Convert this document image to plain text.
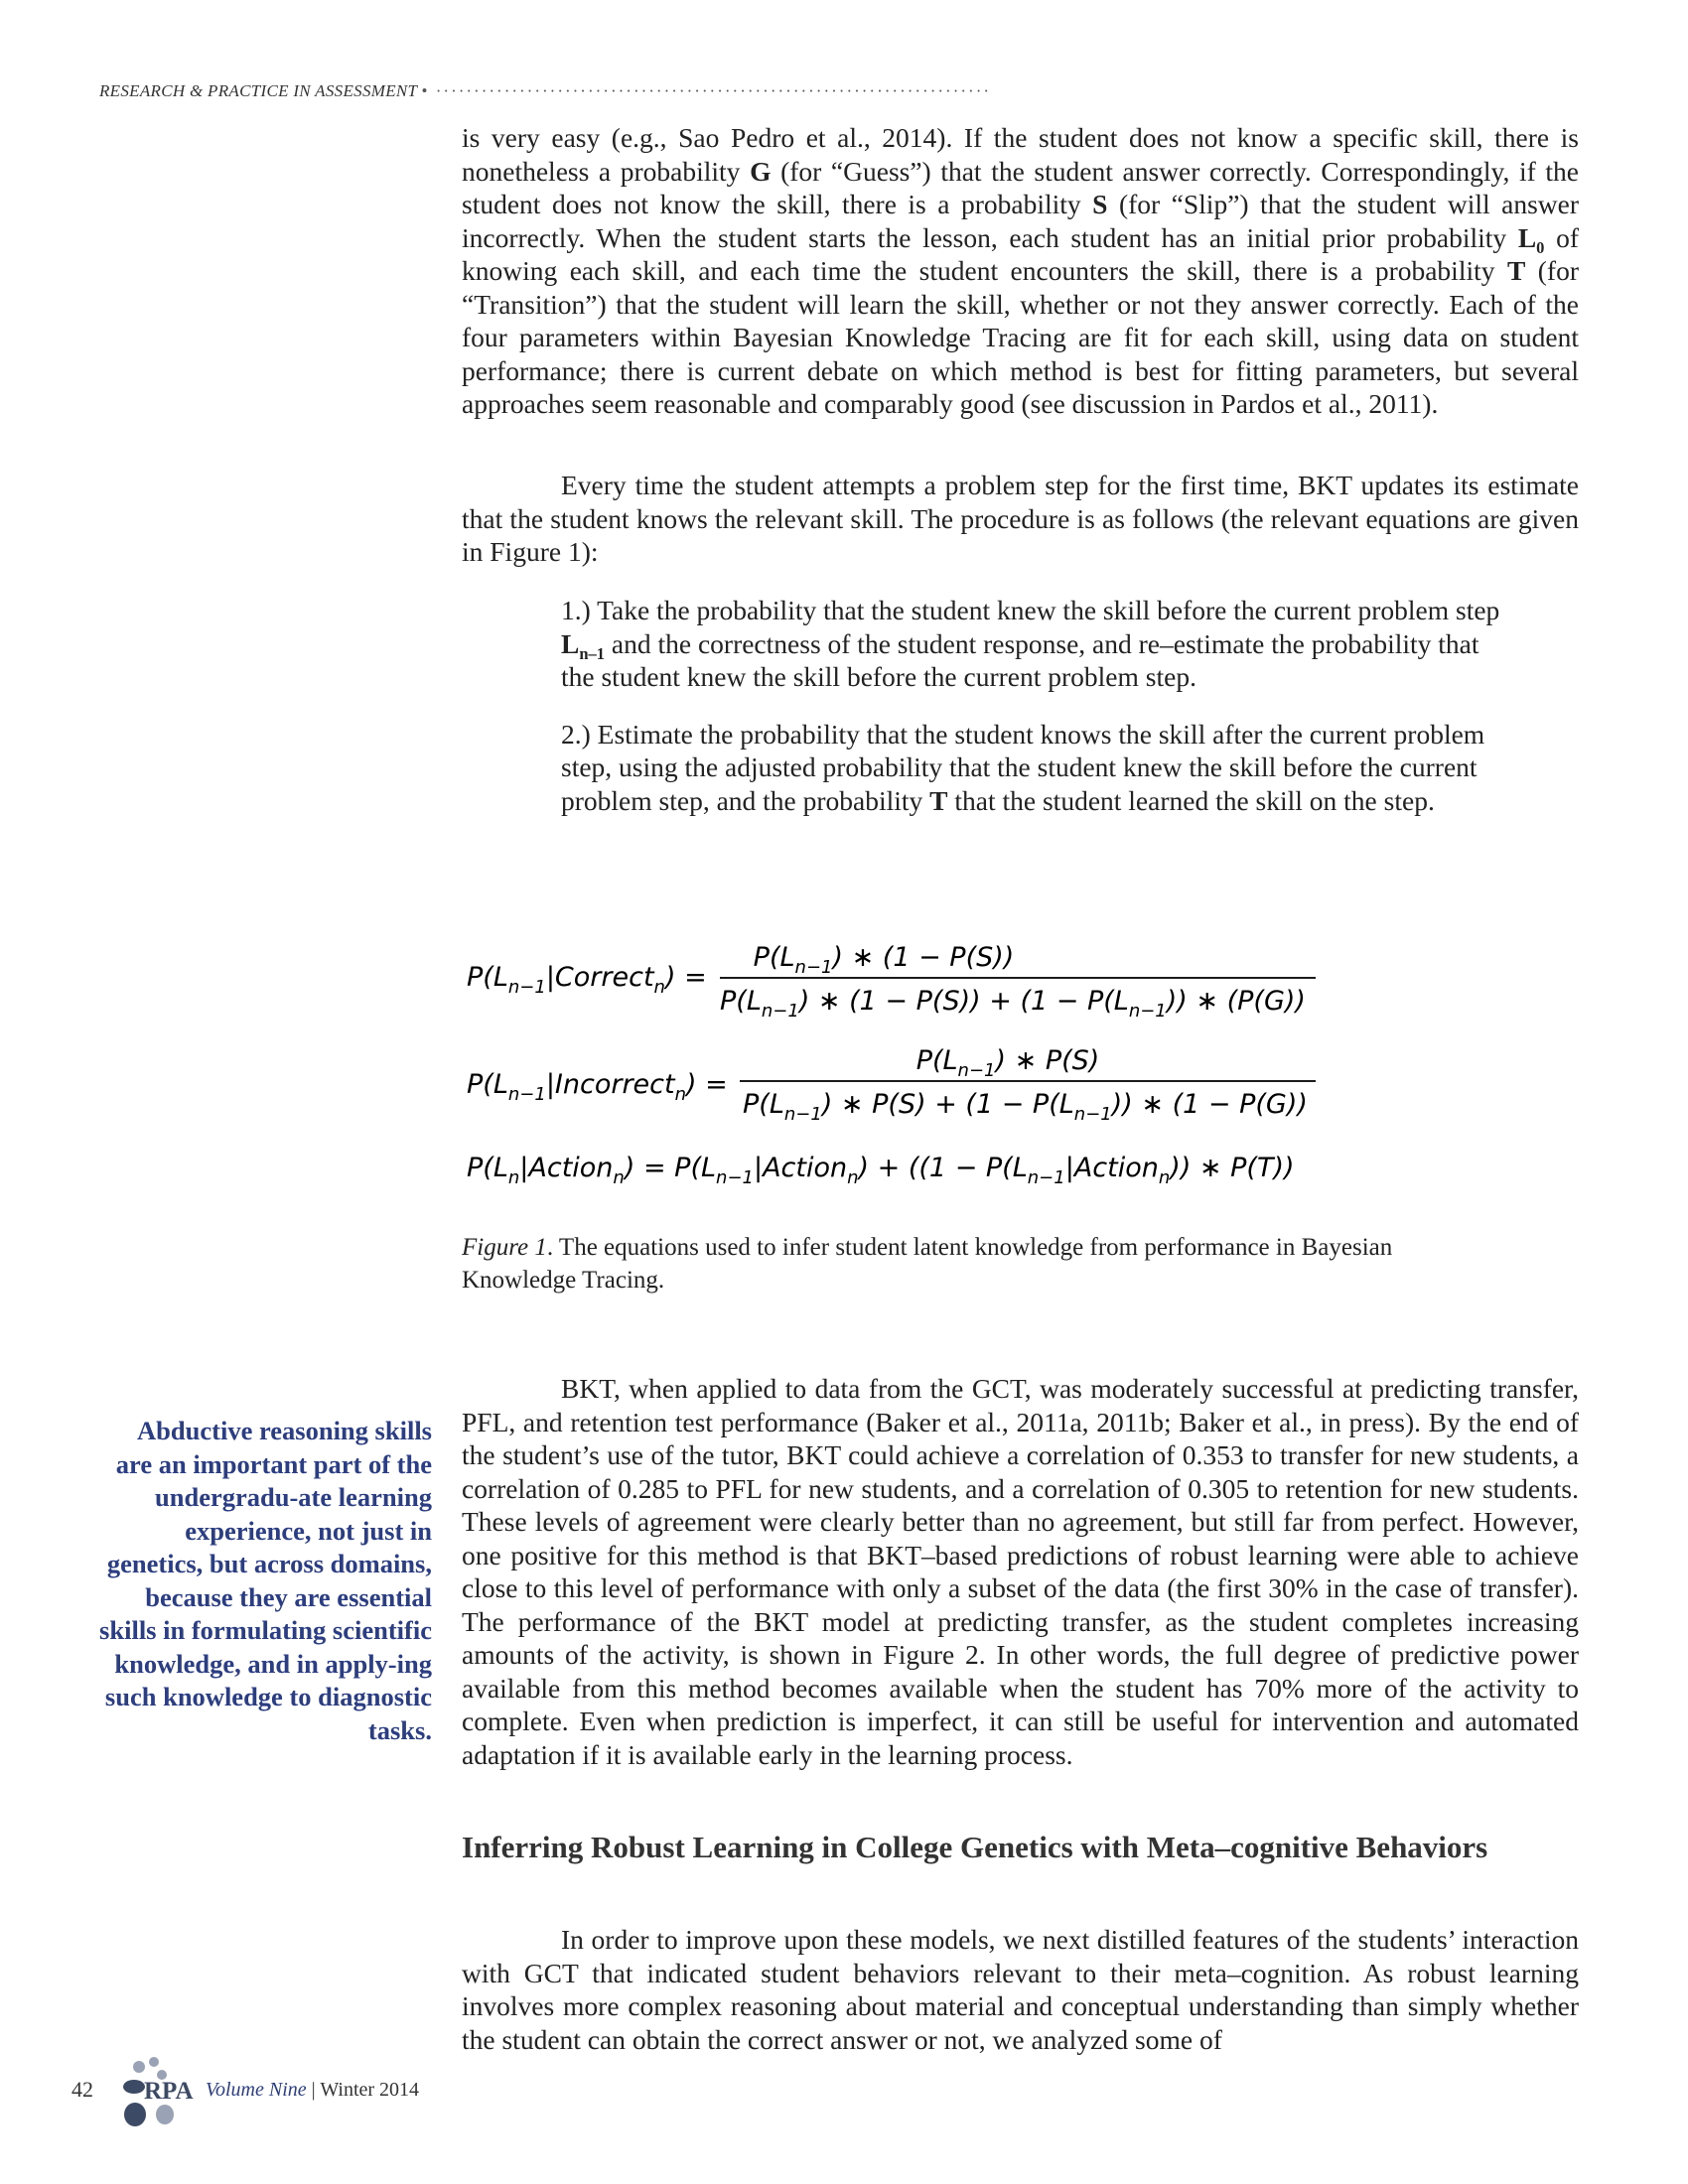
RESEARCH & PRACTICE IN ASSESSMENT • ·········································································
is very easy (e.g., Sao Pedro et al., 2014). If the student does not know a specific skill, there is nonetheless a probability G (for “Guess”) that the student answer correctly. Correspondingly, if the student does not know the skill, there is a probability S (for “Slip”) that the student will answer incorrectly. When the student starts the lesson, each student has an initial prior probability $L_0$ of knowing each skill, and each time the student encounters the skill, there is a probability T (for “Transition”) that the student will learn the skill, whether or not they answer correctly. Each of the four parameters within Bayesian Knowledge Tracing are fit for each skill, using data on student performance; there is current debate on which method is best for fitting parameters, but several approaches seem reasonable and comparably good (see discussion in Pardos et al., 2011).
Every time the student attempts a problem step for the first time, BKT updates its estimate that the student knows the relevant skill. The procedure is as follows (the relevant equations are given in Figure 1):
1.) Take the probability that the student knew the skill before the current problem step $L_{n-1}$ and the correctness of the student response, and re–estimate the probability that the student knew the skill before the current problem step.
2.) Estimate the probability that the student knows the skill after the current problem step, using the adjusted probability that the student knew the skill before the current problem step, and the probability T that the student learned the skill on the step.
$P(L_{n-1}|Correct_n)$ =
$P(L_{n-1})$ ∗ (1 − P(S))
$P(L_{n-1})$ ∗ $(1 - P(S)) + (1 - P(L_{n-1}))$ ∗ (P(G))
$P(L_{n-1}|Incorrect_n)$ =
$P(L_{n-1})$ ∗ P(S)
$P(L_{n-1})$ ∗ $P(S) + (1 - P(L_{n-1}))$ ∗ (1 − P(G))
$P(L_n|Action_n)$ = $P(L_{n-1}|Action_n) + ((1$ − $P(L_{n-1}|Action_n)$) ∗ P(T))
Figure 1. The equations used to infer student latent knowledge from performance in Bayesian Knowledge Tracing.
Abductive reasoning skills are an important part of the undergradu-ate learning experience, not just in genetics, but across domains, because they are essential skills in formulating scientific knowledge, and in apply-ing such knowledge to diagnostic tasks.
BKT, when applied to data from the GCT, was moderately successful at predicting transfer, PFL, and retention test performance (Baker et al., 2011a, 2011b; Baker et al., in press). By the end of the student’s use of the tutor, BKT could achieve a correlation of 0.353 to transfer for new students, a correlation of 0.285 to PFL for new students, and a correlation of 0.305 to retention for new students. These levels of agreement were clearly better than no agreement, but still far from perfect. However, one positive for this method is that BKT–based predictions of robust learning were able to achieve close to this level of performance with only a subset of the data (the first 30% in the case of transfer). The performance of the BKT model at predicting transfer, as the student completes increasing amounts of the activity, is shown in Figure 2. In other words, the full degree of predictive power available from this method becomes available when the student has 70% more of the activity to complete. Even when prediction is imperfect, it can still be useful for intervention and automated adaptation if it is available early in the learning process.
Inferring Robust Learning in College Genetics with Meta–cognitive Behaviors
In order to improve upon these models, we next distilled features of the students’ interaction with GCT that indicated student behaviors relevant to their meta–cognition. As robust learning involves more complex reasoning about material and conceptual understanding than simply whether the student can obtain the correct answer or not, we analyzed some of
42 RPA Volume Nine | Winter 2014
